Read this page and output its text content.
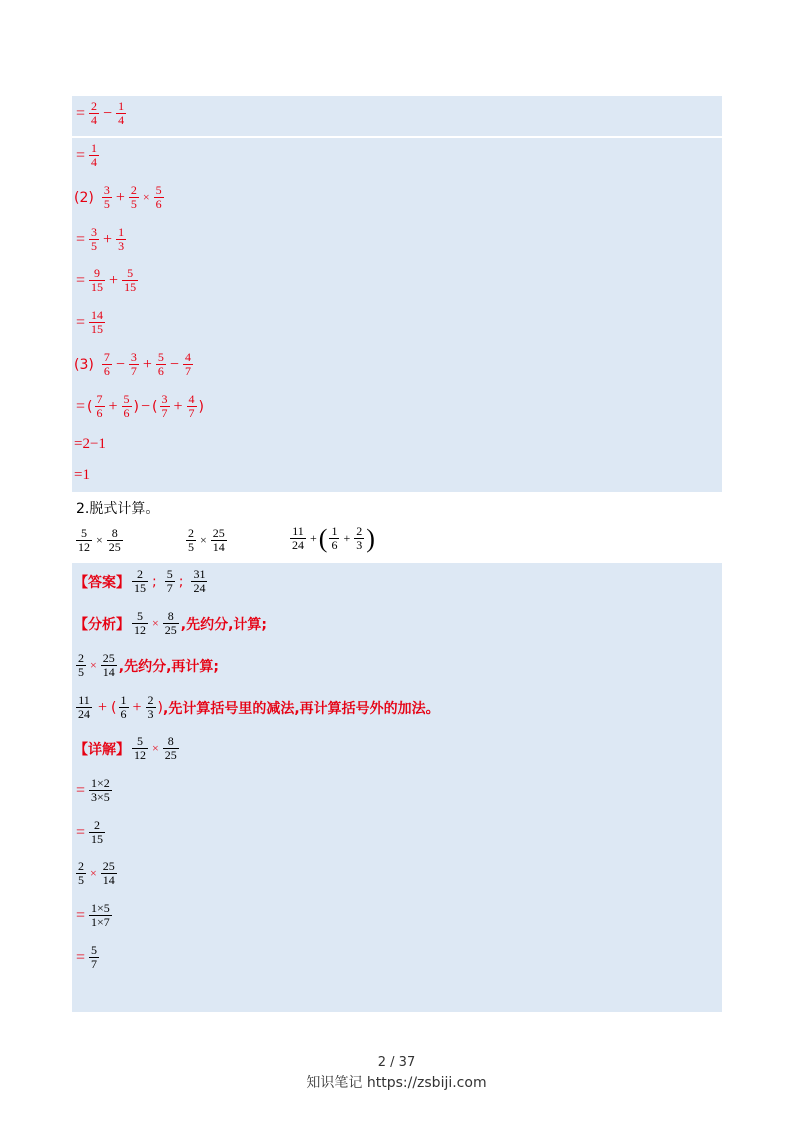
= $\frac{2}{4} - \frac{1}{4}$
= $\frac{1}{4}$
$(2) \frac{3}{5} + \frac{2}{5} \times \frac{5}{6}$
= $\frac{3}{5} + \frac{1}{3}$
= $\frac{9}{15} + \frac{5}{15}$
= $\frac{14}{15}$
$(3) \frac{7}{6} - \frac{3}{7} + \frac{5}{6} - \frac{4}{7}$
= ( $\frac{7}{6} + \frac{5}{6}$ ) − ( $\frac{3}{7} + \frac{4}{7}$ )
=2−1
=1
2.脱式计算。
$\frac{5}{12} \times \frac{8}{25}$	$\frac{2}{5} \times \frac{25}{14}$	$\frac{11}{24}$ + ( $\frac{1}{6} + \frac{2}{3}$ )
【答案】 $\frac{2}{15}$ ; $\frac{5}{7}$ ; $\frac{31}{24}$
【分析】 $\frac{5}{12} \times \frac{8}{25}$ ,先约分,计算;
$\frac{2}{5} \times \frac{25}{14}$ ,先约分,再计算;
$\frac{11}{24}$ + ( $\frac{1}{6} + \frac{2}{3}$ ) ,先计算括号里的减法,再计算括号外的加法。
【详解】 $\frac{5}{12} \times \frac{8}{25}$
= $\frac{1\times 2}{3\times 5}$
= $\frac{2}{15}$
$\frac{2}{5} \times \frac{25}{14}$
= $\frac{1\times 5}{1\times 7}$
= $\frac{5}{7}$
2 / 37
知识笔记 https://zsbiji.com
